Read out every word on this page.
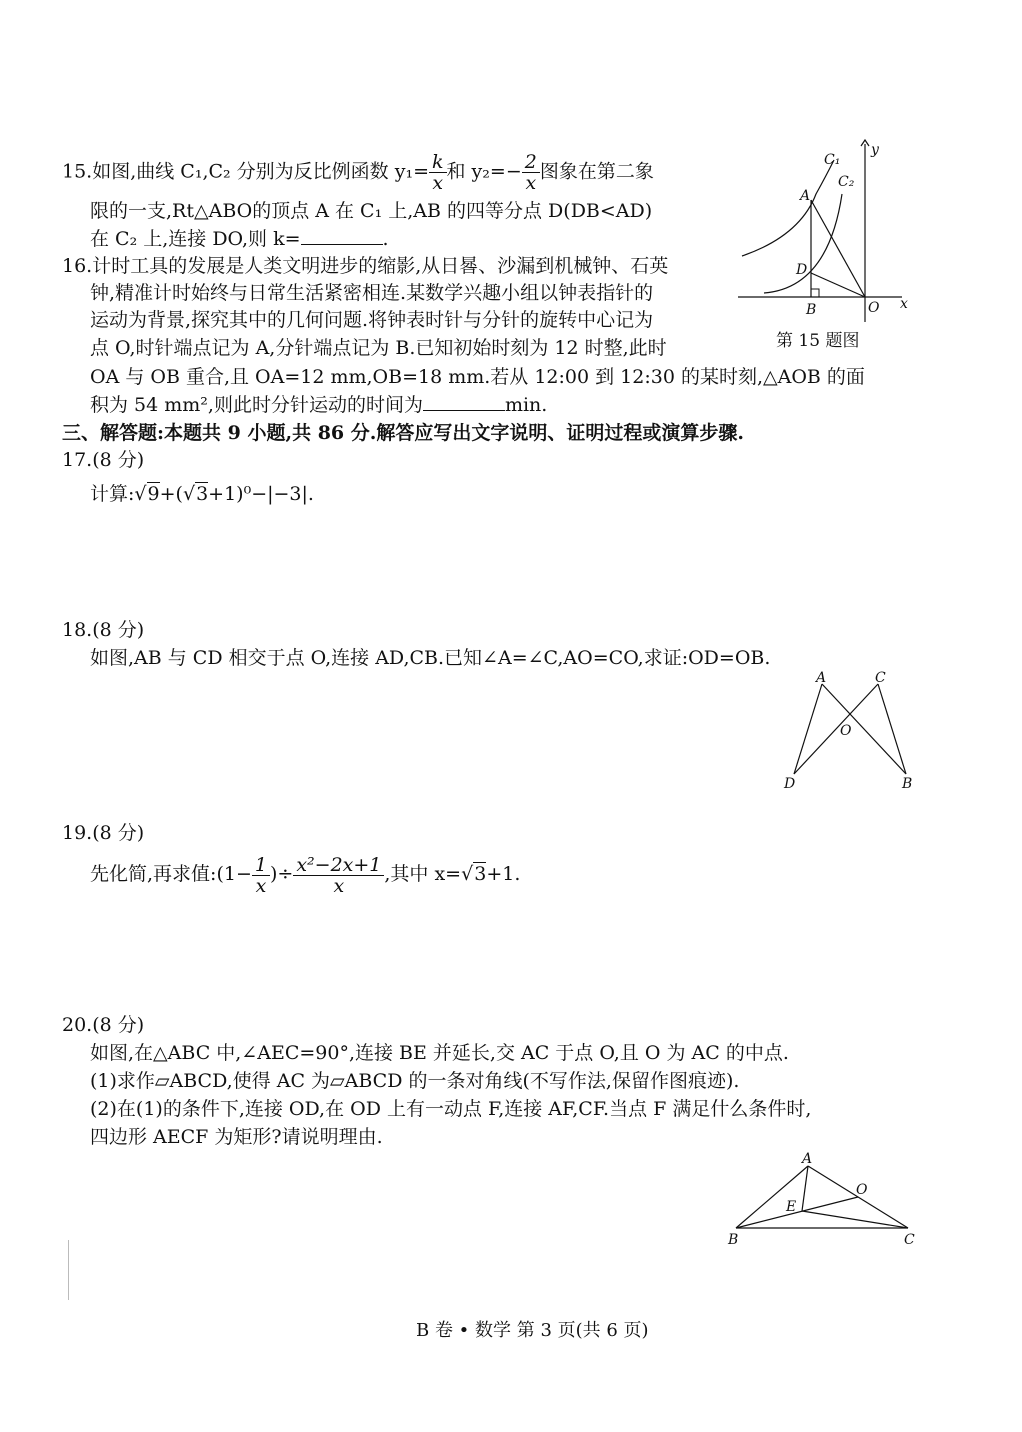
15.如图,曲线 C₁,C₂ 分别为反比例函数 $y_1= \frac{k}{x}$ 和 $y_2=- \frac{2}{x}$ 图象在第二象
限的一支,Rt△ABO的顶点 A 在 C₁ 上,AB 的四等分点 D(DB<AD)
在 C₂ 上,连接 DO,则 k=	.
C₁
C₂
A
D
B	O x
y
第 15 题图
16.计时工具的发展是人类文明进步的缩影,从日晷、沙漏到机械钟、石英
钟,精准计时始终与日常生活紧密相连.某数学兴趣小组以钟表指针的
运动为背景,探究其中的几何问题.将钟表时针与分针的旋转中心记为
点 O,时针端点记为 A,分针端点记为 B.已知初始时刻为 12 时整,此时
OA 与 OB 重合,且 OA=12 mm,OB=18 mm.若从 12:00 到 12:30 的某时刻,△AOB 的面
积为 54 mm²,则此时分针运动的时间为	min.
三、解答题:本题共 9 小题,共 86 分.解答应写出文字说明、证明过程或演算步骤.
17.(8 分)
计算:√9+(√3+1)⁰−|−3|.
18.(8 分)
如图,AB 与 CD 相交于点 O,连接 AD,CB.已知∠A=∠C,AO=CO,求证:OD=OB.
A	C
O
D	B
19.(8 分)
先化简,再求值:(1− $\frac{1}{x}$ )÷ $\frac{\text{x²−2x+1}}{x}$ ,其中 x=√3+1.
20.(8 分)
如图,在△ABC 中,∠AEC=90°,连接 BE 并延长,交 AC 于点 O,且 O 为 AC 的中点.
(1)求作▱ABCD,使得 AC 为▱ABCD 的一条对角线(不写作法,保留作图痕迹).
(2)在(1)的条件下,连接 OD,在 OD 上有一动点 F,连接 AF,CF.当点 F 满足什么条件时,
四边形 AECF 为矩形?请说明理由.
A
O
E
B	C
B 卷 • 数学 第 3 页(共 6 页)
